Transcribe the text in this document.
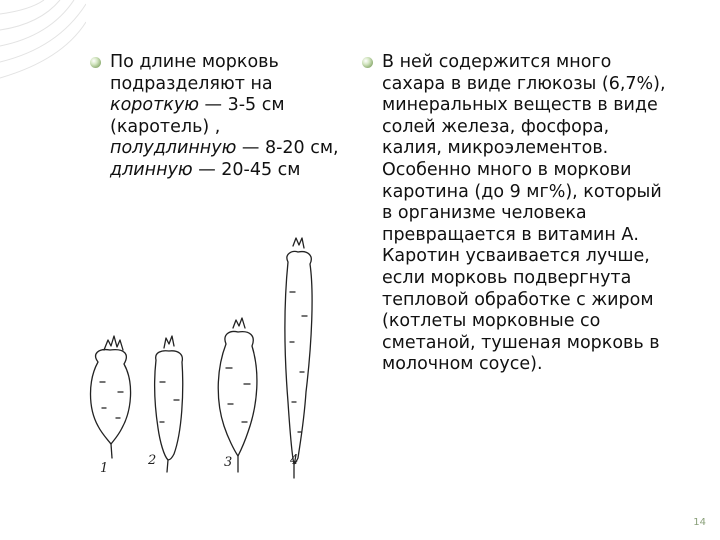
По длине морковь
подразделяют на
короткую — 3-5 см
(каротель) ,
полудлинную — 8-20 см,
длинную — 20-45 см
В ней содержится много
сахара в виде глюкозы (6,7%),
минеральных веществ в виде
солей железа, фосфора,
калия, микроэлементов.
Особенно много в моркови
каротина (до 9 мг%), который
в организме человека
превращается в витамин А.
Каротин усваивается лучше,
если морковь подвергнута
тепловой обработке с жиром
(котлеты морковные со
сметаной, тушеная морковь в
молочном соусе).
1
2	3	4
14
